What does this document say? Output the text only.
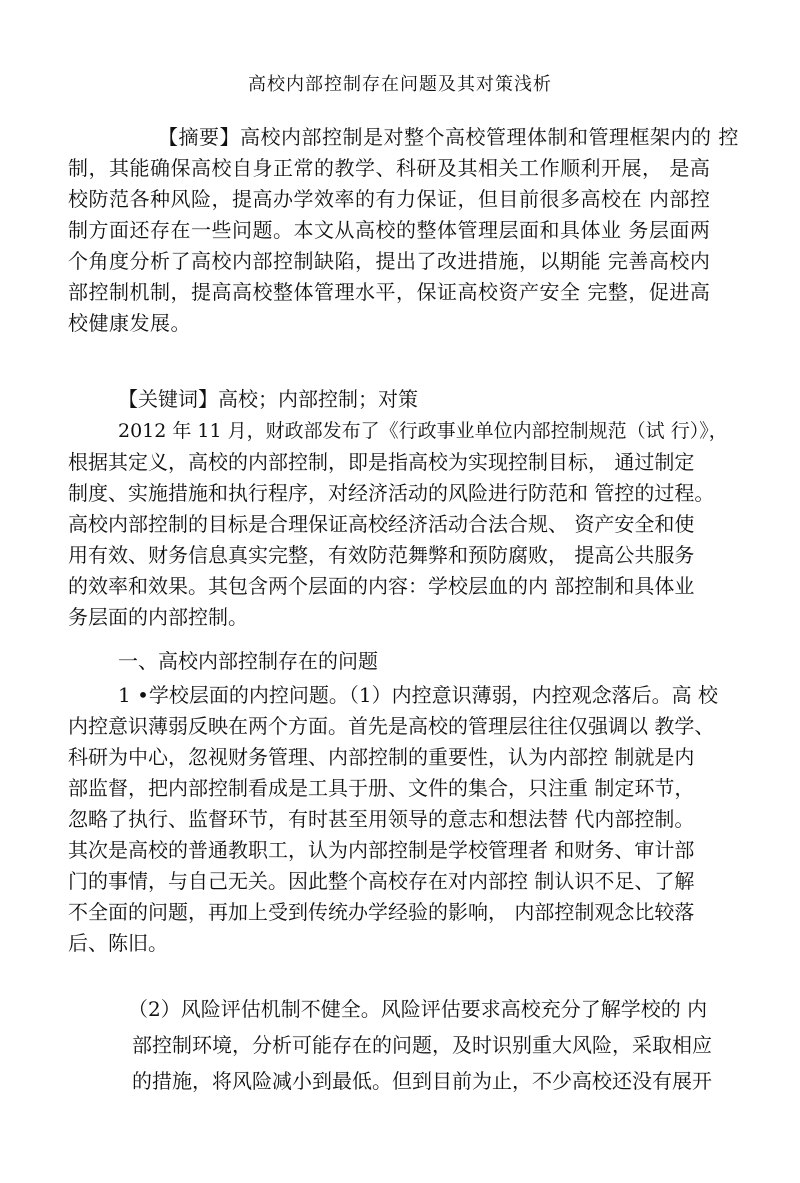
高校内部控制存在问题及其对策浅析
【摘要】高校内部控制是对整个高校管理体制和管理框架内的 控
制，其能确保高校自身正常的教学、科研及其相关工作顺利开展， 是高
校防范各种风险，提高办学效率的有力保证，但目前很多高校在 内部控
制方面还存在一些问题。本文从高校的整体管理层面和具体业 务层面两
个角度分析了高校内部控制缺陷，提出了改进措施，以期能 完善高校内
部控制机制，提高高校整体管理水平，保证高校资产安全 完整，促进高
校健康发展。
【关键词】高校；内部控制；对策
2012 年 11 月，财政部发布了《行政事业单位内部控制规范（试 行）》，
根据其定义，高校的内部控制，即是指高校为实现控制目标， 通过制定
制度、实施措施和执行程序，对经济活动的风险进行防范和 管控的过程。
高校内部控制的目标是合理保证高校经济活动合法合规、 资产安全和使
用有效、财务信息真实完整，有效防范舞弊和预防腐败， 提高公共服务
的效率和效果。其包含两个层面的内容：学校层血的内 部控制和具体业
务层面的内部控制。
一、高校内部控制存在的问题
1 •学校层面的内控问题。（1）内控意识薄弱，内控观念落后。高 校
内控意识薄弱反映在两个方面。首先是高校的管理层往往仅强调以 教学、
科研为中心，忽视财务管理、内部控制的重要性，认为内部控 制就是内
部监督，把内部控制看成是工具于册、文件的集合，只注重 制定环节，
忽略了执行、监督环节，有时甚至用领导的意志和想法替 代内部控制。
其次是高校的普通教职工，认为内部控制是学校管理者 和财务、审计部
门的事情，与自己无关。因此整个高校存在对内部控 制认识不足、了解
不全面的问题，再加上受到传统办学经验的影响， 内部控制观念比较落
后、陈旧。
（2）风险评估机制不健全。风险评估要求高校充分了解学校的 内
部控制环境，分析可能存在的问题，及时识别重大风险，采取相应
的措施，将风险减小到最低。但到目前为止，不少高校还没有展开
